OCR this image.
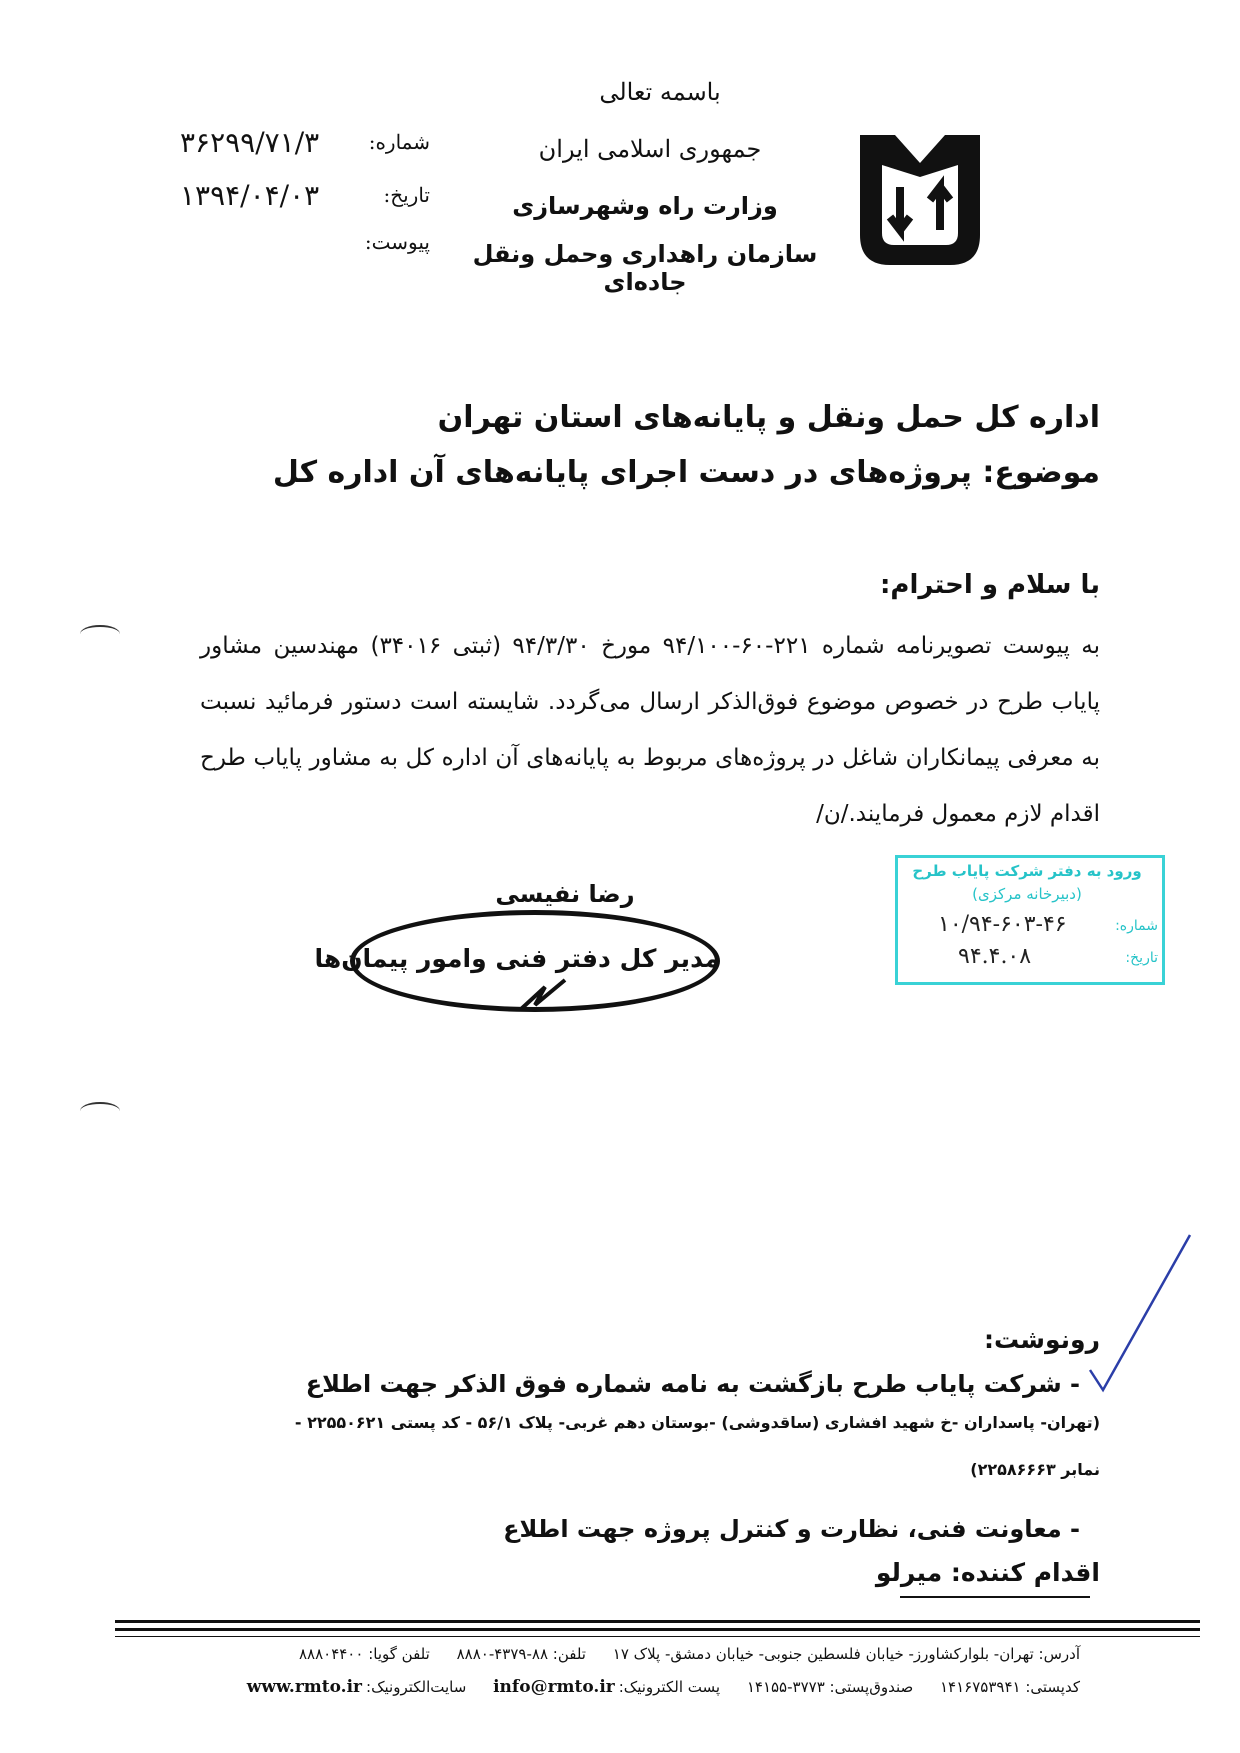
باسمه تعالی
جمهوری اسلامی ایران
وزارت راه وشهرسازی
سازمان راهداری وحمل ونقل جاده‌ای
شماره:
۳۶۲۹۹/۷۱/۳
تاریخ:
۱۳۹۴/۰۴/۰۳
پیوست:
اداره کل حمل ونقل و پایانه‌های استان تهران
موضوع: پروژه‌های در دست اجرای پایانه‌های آن اداره کل
با سلام و احترام:
به پیوست تصویرنامه شماره ۲۲۱-۶۰-۹۴/۱۰۰ مورخ ۹۴/۳/۳۰ (ثبتی ۳۴۰۱۶) مهندسین مشاور پایاب طرح در خصوص موضوع فوق‌الذکر ارسال می‌گردد. شایسته است دستور فرمائید نسبت به معرفی پیمانکاران شاغل در پروژه‌های مربوط به پایانه‌های آن اداره کل به مشاور پایاب طرح اقدام لازم معمول فرمایند./ن/
رضا نفیسی
مدیر کل دفتر فنی وامور پیمان‌ها
ورود به دفتر شرکت پایاب طرح
(دبیرخانه مرکزی)
شماره:
۱۰/۹۴-۶۰۳-۴۶
تاریخ:
۹۴.۴.۰۸
رونوشت:
- شرکت پایاب طرح بازگشت به نامه شماره فوق الذکر جهت اطلاع
(تهران- پاسداران -خ شهید افشاری (ساقدوشی) -بوستان دهم غربی- پلاک ۵۶/۱ - کد پستی ۲۲۵۵۰۶۲۱ -
نمابر ۲۲۵۸۶۶۶۳)
- معاونت فنی، نظارت و کنترل پروژه جهت اطلاع
اقدام کننده: میرلو
آدرس: تهران- بلوارکشاورز- خیابان فلسطین جنوبی- خیابان دمشق- پلاک ۱۷ تلفن: ۸۸-۴۳۷۹-۸۸۸۰ تلفن گویا: ۸۸۸۰۴۴۰۰
کدپستی: ۱۴۱۶۷۵۳۹۴۱ صندوق‌پستی: ۳۷۷۳-۱۴۱۵۵ پست الکترونیک:info@rmto.ir سایت‌الکترونیک:www.rmto.ir
